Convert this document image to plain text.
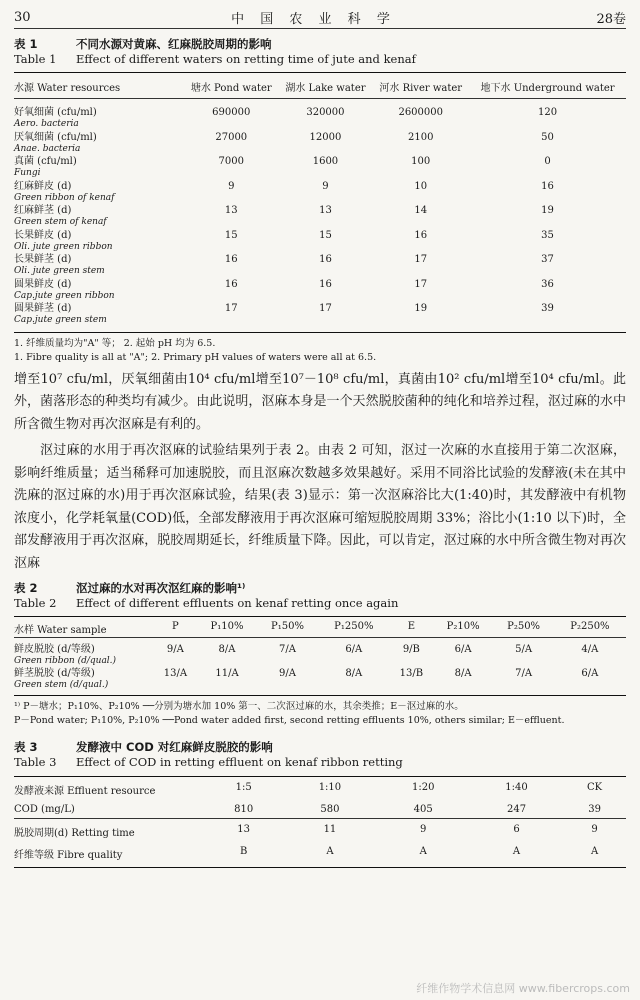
30	中 国 农 业 科 学	28卷
表 1	不同水源对黄麻、红麻脱胶周期的影响
Table 1 Effect of different waters on retting time of jute and kenaf
水源 Water resources	塘水 Pond water	湖水 Lake water	河水 River water	地下水 Underground water

好氧细菌 (cfu/ml)
Aero. bacteria	690000	320000	2600000	120

厌氧细菌 (cfu/ml)
Anae. bacteria	27000	12000	2100	50

真菌 (cfu/ml)
Fungi	7000	1600	100	0

红麻鲜皮 (d)
Green ribbon of kenaf	9	9	10	16

红麻鲜茎 (d)
Green stem of kenaf	13	13	14	19

长果鲜皮 (d)
Oli. jute green ribbon	15	15	16	35

长果鲜茎 (d)
Oli. jute green stem	16	16	17	37

圆果鲜皮 (d)
Cap.jute green ribbon	16	16	17	36

圆果鲜茎 (d)
Cap.jute green stem	17	17	19	39
1. 纤维质量均为"A" 等； 2. 起始 pH 均为 6.5.
1. Fibre quality is all at "A"; 2. Primary pH values of waters were all at 6.5.

增至10⁷ cfu/ml，厌氧细菌由10⁴ cfu/ml增至10⁷－10⁸ cfu/ml，真菌由10² cfu/ml增至10⁴ cfu/ml。此外，菌落形态的种类均有减少。由此说明，沤麻本身是一个天然脱胶菌种的纯化和培养过程，沤过麻的水中所含微生物对再次沤麻是有利的。

沤过麻的水用于再次沤麻的试验结果列于表 2。由表 2 可知，沤过一次麻的水直接用于第二次沤麻，影响纤维质量；适当稀释可加速脱胶，而且沤麻次数越多效果越好。采用不同浴比试验的发酵液(未在其中洗麻的沤过麻的水)用于再次沤麻试验，结果(表 3)显示：第一次沤麻浴比大(1:40)时，其发酵液中有机物浓度小，化学耗氧量(COD)低，全部发酵液用于再次沤麻可缩短脱胶周期 33%；浴比小(1:10 以下)时，全部发酵液用于再次沤麻，脱胶周期延长，纤维质量下降。因此，可以肯定，沤过麻的水中所含微生物对再次沤麻

表 2	沤过麻的水对再次沤红麻的影响¹⁾
Table 2 Effect of different effluents on kenaf retting once again
水样 Water sample	P	P₁10%	P₁50%	P₁250%	E	P₂10%	P₂50%	P₂250%

鲜皮脱胶 (d/等级)
Green ribbon (d/qual.)	9/A	8/A	7/A	6/A	9/B	6/A	5/A	4/A

鲜茎脱胶 (d/等级)
Green stem (d/qual.)	13/A	11/A	9/A	8/A	13/B	8/A	7/A	6/A
¹⁾ P－塘水；P₁10%、P₂10% ──分别为塘水加 10% 第一、二次沤过麻的水，其余类推；E－沤过麻的水。
P－Pond water; P₁10%, P₂10% ──Pond water added first, second retting effluents 10%, others similar; E－effluent.
表 3	发酵液中 COD 对红麻鲜皮脱胶的影响
Table 3 Effect of COD in retting effluent on kenaf ribbon retting
发酵液来源 Effluent resource	1:5	1:10	1:20	1:40	CK
COD (mg/L)	810	580	405	247	39
脱胶周期(d) Retting time	13	11	9	6	9
纤维等级 Fibre quality	B	A	A	A	A
纤维作物学术信息网 www.fibercrops.com
